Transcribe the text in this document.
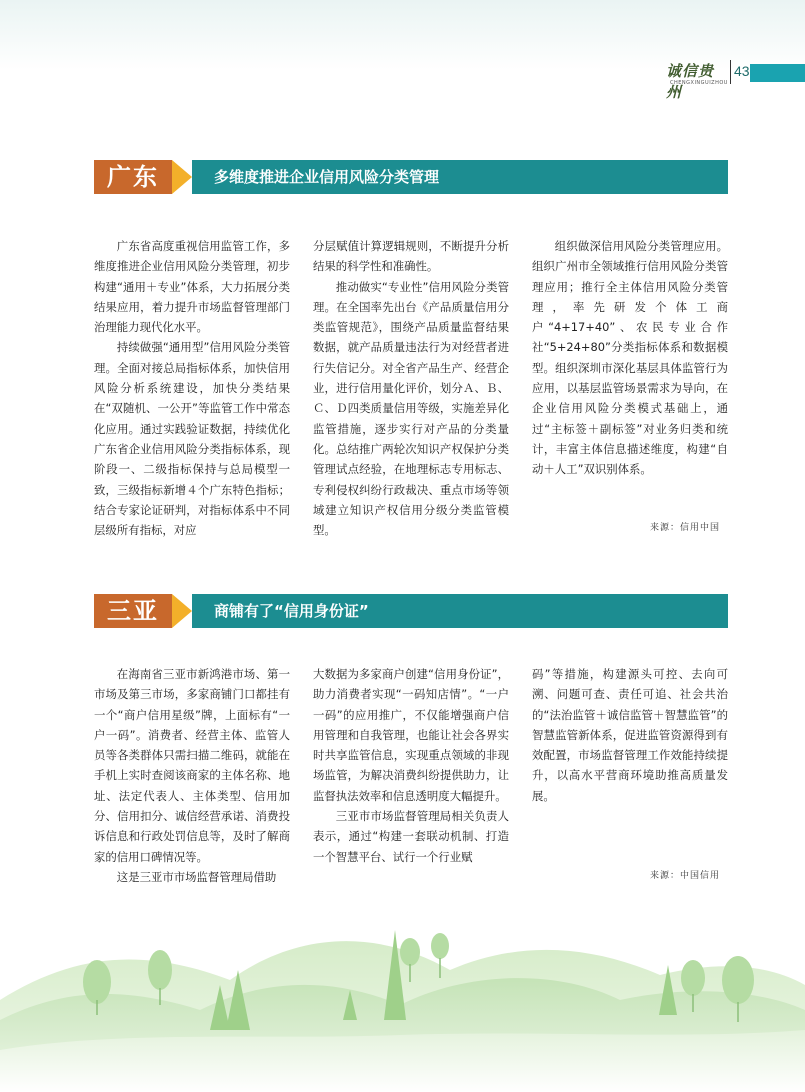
诚信贵州
CHENGXINGUIZHOU
43
广东	多维度推进企业信用风险分类管理

广东省高度重视信用监管工作，多维度推进企业信用风险分类管理，初步构建“通用＋专业”体系，大力拓展分类结果应用，着力提升市场监督管理部门治理能力现代化水平。

持续做强“通用型”信用风险分类管理。全面对接总局指标体系，加快信用风险分析系统建设，加快分类结果在“双随机、一公开”等监管工作中常态化应用。通过实践验证数据，持续优化广东省企业信用风险分类指标体系，现阶段一、二级指标保持与总局模型一致，三级指标新增４个广东特色指标；结合专家论证研判，对指标体系中不同层级所有指标，对应

分层赋值计算逻辑规则，不断提升分析结果的科学性和准确性。

推动做实“专业性”信用风险分类管理。在全国率先出台《产品质量信用分类监管规范》，围绕产品质量监督结果数据，就产品质量违法行为对经营者进行失信记分。对全省产品生产、经营企业，进行信用量化评价，划分Ａ、Ｂ、Ｃ、Ｄ四类质量信用等级，实施差异化监管措施，逐步实行对产品的分类量化。总结推广两轮次知识产权保护分类管理试点经验，在地理标志专用标志、专利侵权纠纷行政裁决、重点市场等领域建立知识产权信用分级分类监管模型。

组织做深信用风险分类管理应用。组织广州市全领域推行信用风险分类管理应用；推行全主体信用风险分类管理，率先研发个体工商户“4+17+40”、农民专业合作社“5+24+80”分类指标体系和数据模型。组织深圳市深化基层具体监管行为应用，以基层监管场景需求为导向，在企业信用风险分类模式基础上，通过“主标签＋副标签”对业务归类和统计，丰富主体信息描述维度，构建“自动＋人工”双识别体系。

来源：信用中国
三亚	商铺有了“信用身份证”

在海南省三亚市新鸿港市场、第一市场及第三市场，多家商铺门口都挂有一个“商户信用星级”牌，上面标有“一户一码”。消费者、经营主体、监管人员等各类群体只需扫描二维码，就能在手机上实时查阅该商家的主体名称、地址、法定代表人、主体类型、信用加分、信用扣分、诚信经营承诺、消费投诉信息和行政处罚信息等，及时了解商家的信用口碑情况等。

这是三亚市市场监督管理局借助

大数据为多家商户创建“信用身份证”，助力消费者实现“一码知店情”。“一户一码”的应用推广，不仅能增强商户信用管理和自我管理，也能让社会各界实时共享监管信息，实现重点领域的非现场监管，为解决消费纠纷提供助力，让监督执法效率和信息透明度大幅提升。

三亚市市场监督管理局相关负责人表示，通过“构建一套联动机制、打造一个智慧平台、试行一个行业赋

码”等措施，构建源头可控、去向可溯、问题可查、责任可追、社会共治的“法治监管＋诚信监管＋智慧监管”的智慧监管新体系，促进监管资源得到有效配置，市场监督管理工作效能持续提升，以高水平营商环境助推高质量发展。

来源：中国信用
